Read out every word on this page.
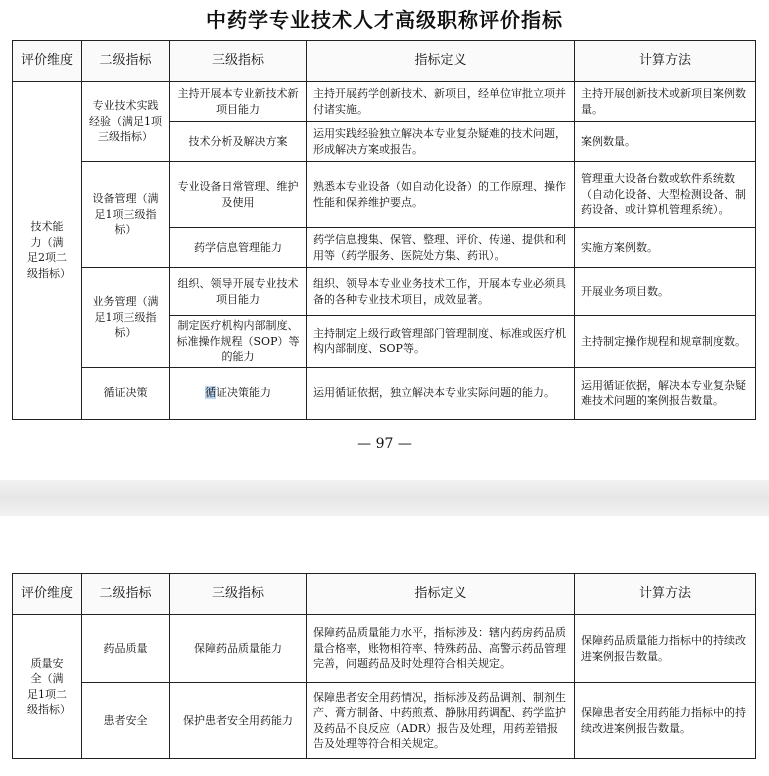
中药学专业技术人才高级职称评价指标
评价维度	二级指标	三级指标	指标定义	计算方法
技术能力（满足2项二级指标）	专业技术实践经验（满足1项三级指标）	主持开展本专业新技术新项目能力	主持开展药学创新技术、新项目，经单位审批立项并付诸实施。	主持开展创新技术或新项目案例数量。
		技术分析及解决方案	运用实践经验独立解决本专业复杂疑难的技术问题，形成解决方案或报告。	案例数量。
	设备管理（满足1项三级指标）	专业设备日常管理、维护及使用	熟悉本专业设备（如自动化设备）的工作原理、操作性能和保养维护要点。	管理重大设备台数或软件系统数（自动化设备、大型检测设备、制药设备、或计算机管理系统）。
		药学信息管理能力	药学信息搜集、保管、整理、评价、传递、提供和利用等（药学服务、医院处方集、药讯）。	实施方案例数。
	业务管理（满足1项三级指标）	组织、领导开展专业技术项目能力	组织、领导本专业业务技术工作，开展本专业必须具备的各种专业技术项目，成效显著。	开展业务项目数。
		制定医疗机构内部制度、标准操作规程（SOP）等的能力	主持制定上级行政管理部门管理制度、标准或医疗机构内部制度、SOP等。	主持制定操作规程和规章制度数。
	循证决策	循证决策能力	运用循证依据，独立解决本专业实际问题的能力。	运用循证依据，解决本专业复杂疑难技术问题的案例报告数量。
— 97 —
评价维度	二级指标	三级指标	指标定义	计算方法
质量安全（满足1项二级指标）	药品质量	保障药品质量能力	保障药品质量能力水平，指标涉及：辖内药房药品质量合格率，账物相符率、特殊药品、高警示药品管理完善，问题药品及时处理符合相关规定。	保障药品质量能力指标中的持续改进案例报告数量。
	患者安全	保护患者安全用药能力	保障患者安全用药情况，指标涉及药品调剂、制剂生产、膏方制备、中药煎煮、静脉用药调配、药学监护及药品不良反应（ADR）报告及处理，用药差错报告及处理等符合相关规定。	保障患者安全用药能力指标中的持续改进案例报告数量。
